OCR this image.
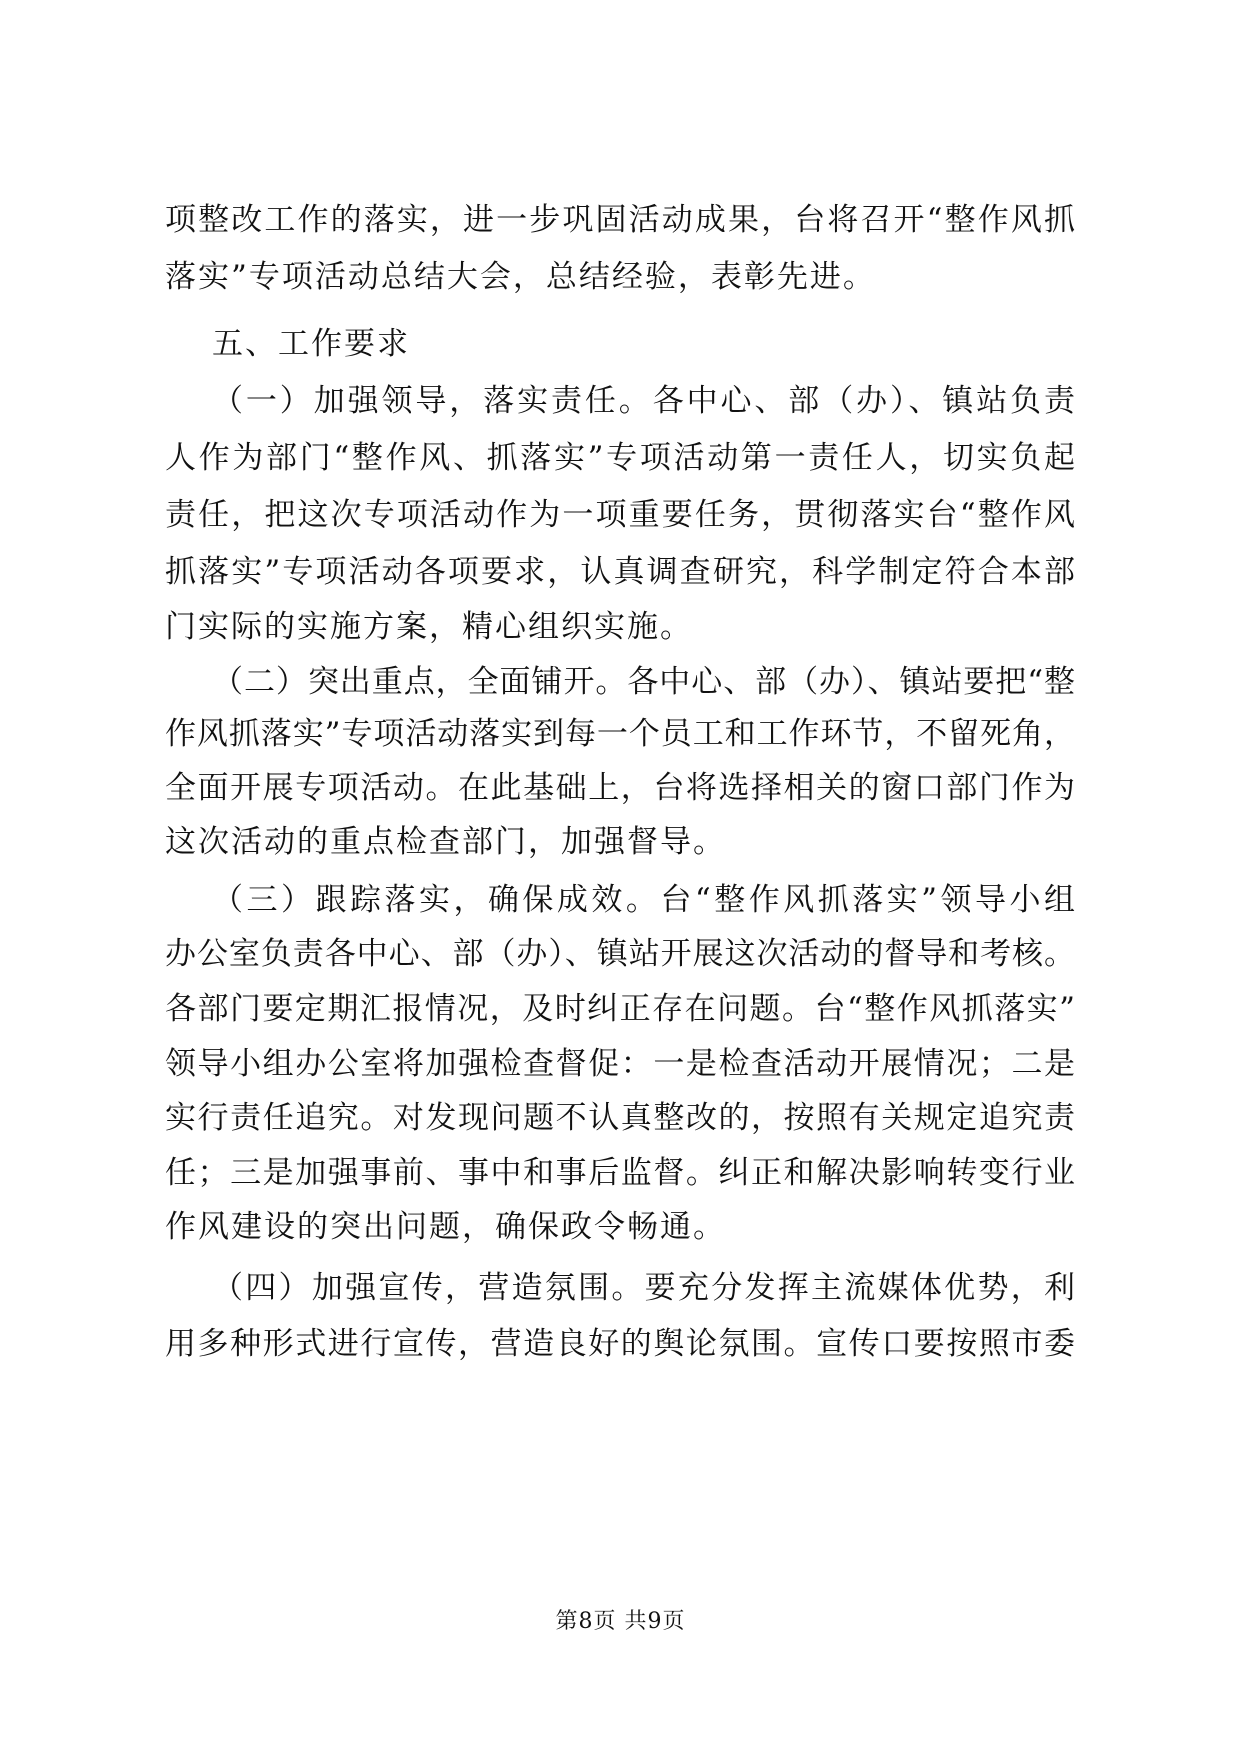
项整改工作的落实，进一步巩固活动成果，台将召开“整作风抓
落实”专项活动总结大会，总结经验，表彰先进。
五、工作要求
（一）加强领导，落实责任。各中心、部（办）、镇站负责
人作为部门“整作风、抓落实”专项活动第一责任人，切实负起
责任，把这次专项活动作为一项重要任务，贯彻落实台“整作风
抓落实”专项活动各项要求，认真调查研究，科学制定符合本部
门实际的实施方案，精心组织实施。
（二）突出重点，全面铺开。各中心、部（办）、镇站要把“整
作风抓落实”专项活动落实到每一个员工和工作环节，不留死角，
全面开展专项活动。在此基础上，台将选择相关的窗口部门作为
这次活动的重点检查部门，加强督导。
（三）跟踪落实，确保成效。台“整作风抓落实”领导小组
办公室负责各中心、部（办）、镇站开展这次活动的督导和考核。
各部门要定期汇报情况，及时纠正存在问题。台“整作风抓落实”
领导小组办公室将加强检查督促：一是检查活动开展情况；二是
实行责任追究。对发现问题不认真整改的，按照有关规定追究责
任；三是加强事前、事中和事后监督。纠正和解决影响转变行业
作风建设的突出问题，确保政令畅通。
（四）加强宣传，营造氛围。要充分发挥主流媒体优势，利
用多种形式进行宣传，营造良好的舆论氛围。宣传口要按照市委
第8页 共9页
